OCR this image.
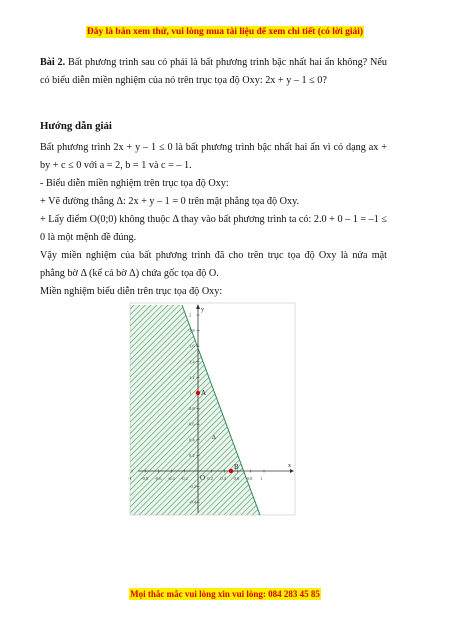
Đây là bản xem thử, vui lòng mua tài liệu để xem chi tiết (có lời giải)

Bài 2. Bất phương trình sau có phải là bất phương trình bậc nhất hai ẩn không? Nếu có biểu diễn miền nghiệm của nó trên trục tọa độ Oxy: 2x + y – 1 ≤ 0?

Hướng dẫn giải

Bất phương trình 2x + y – 1 ≤ 0 là bất phương trình bậc nhất hai ẩn vì có dạng ax + by + c ≤ 0 với a = 2, b = 1 và c = – 1.

- Biểu diễn miền nghiệm trên trục tọa độ Oxy:

+ Vẽ đường thẳng Δ: 2x + y – 1 = 0 trên mặt phẳng tọa độ Oxy.

+ Lấy điểm O(0;0) không thuộc Δ thay vào bất phương trình ta có: 2.0 + 0 – 1 = –1 ≤ 0 là một mệnh đề đúng.

Vậy miền nghiệm của bất phương trình đã cho trên trục tọa độ Oxy là nửa mặt phẳng bờ Δ (kể cả bờ Δ) chứa gốc tọa độ O.

Miền nghiệm biểu diễn trên trục tọa độ Oxy:

-1 -0.8 -0.6 -0.4 -0.2	0.2 0.4 0.6 0.8 1
2
1.8
1.6
1.4
1.2
1
0.8
0.6
0.4
0.2
-0.2
-0.4
A
B
O
Δ
x
y
Mọi thắc mắc vui lòng xin vui lòng: 084 283 45 85
